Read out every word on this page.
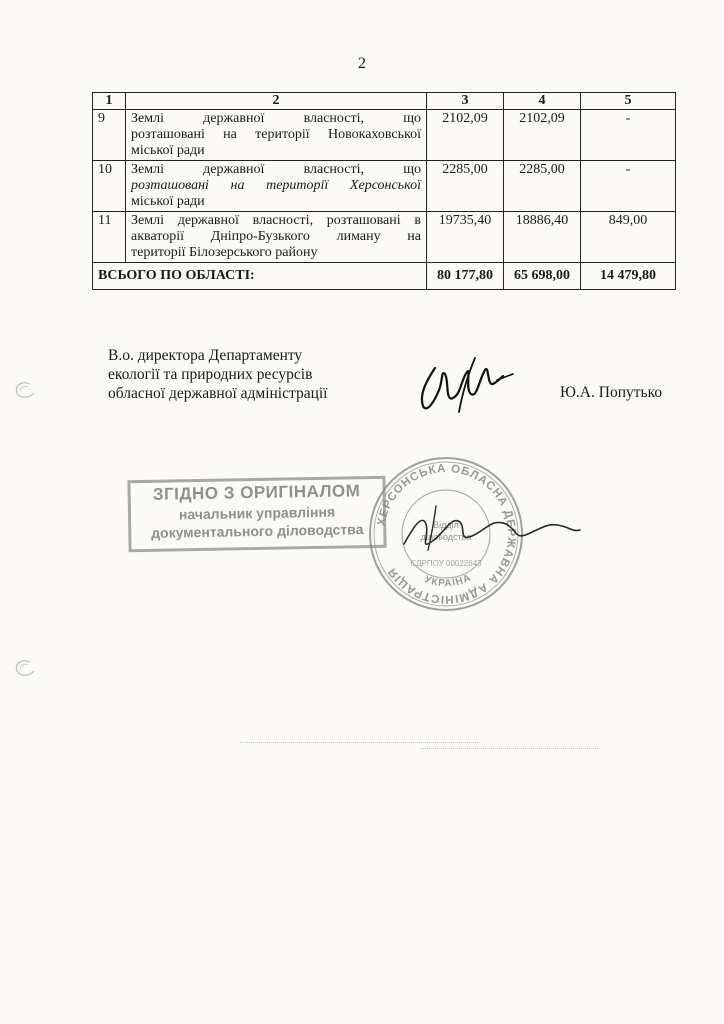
2
1	2	3	4	5
9	Землі державної власності, що
розташовані на території Новокаховської
міської ради	2102,09	2102,09	-
10	Землі державної власності, що
розташовані на території Херсонської
міської ради	2285,00	2285,00	-
11	Землі державної власності, розташовані в
акваторії Дніпро-Бузького лиману на
території Білозерського району	19735,40	18886,40	849,00
ВСЬОГО ПО ОБЛАСТІ:		80 177,80	65 698,00	14 479,80
В.о. директора Департаменту
екології та природних ресурсів
обласної державної адміністрації	Ю.А. Попутько
ЗГІДНО З ОРИГІНАЛОМ
начальник управління
документального діловодства	ХЕРСОНСЬКА ОБЛАСНА ДЕРЖАВНА АДМІНІСТРАЦІЯ
УКРАЇНА
ЄДРПОУ 00022643
Відділ
діловодства
